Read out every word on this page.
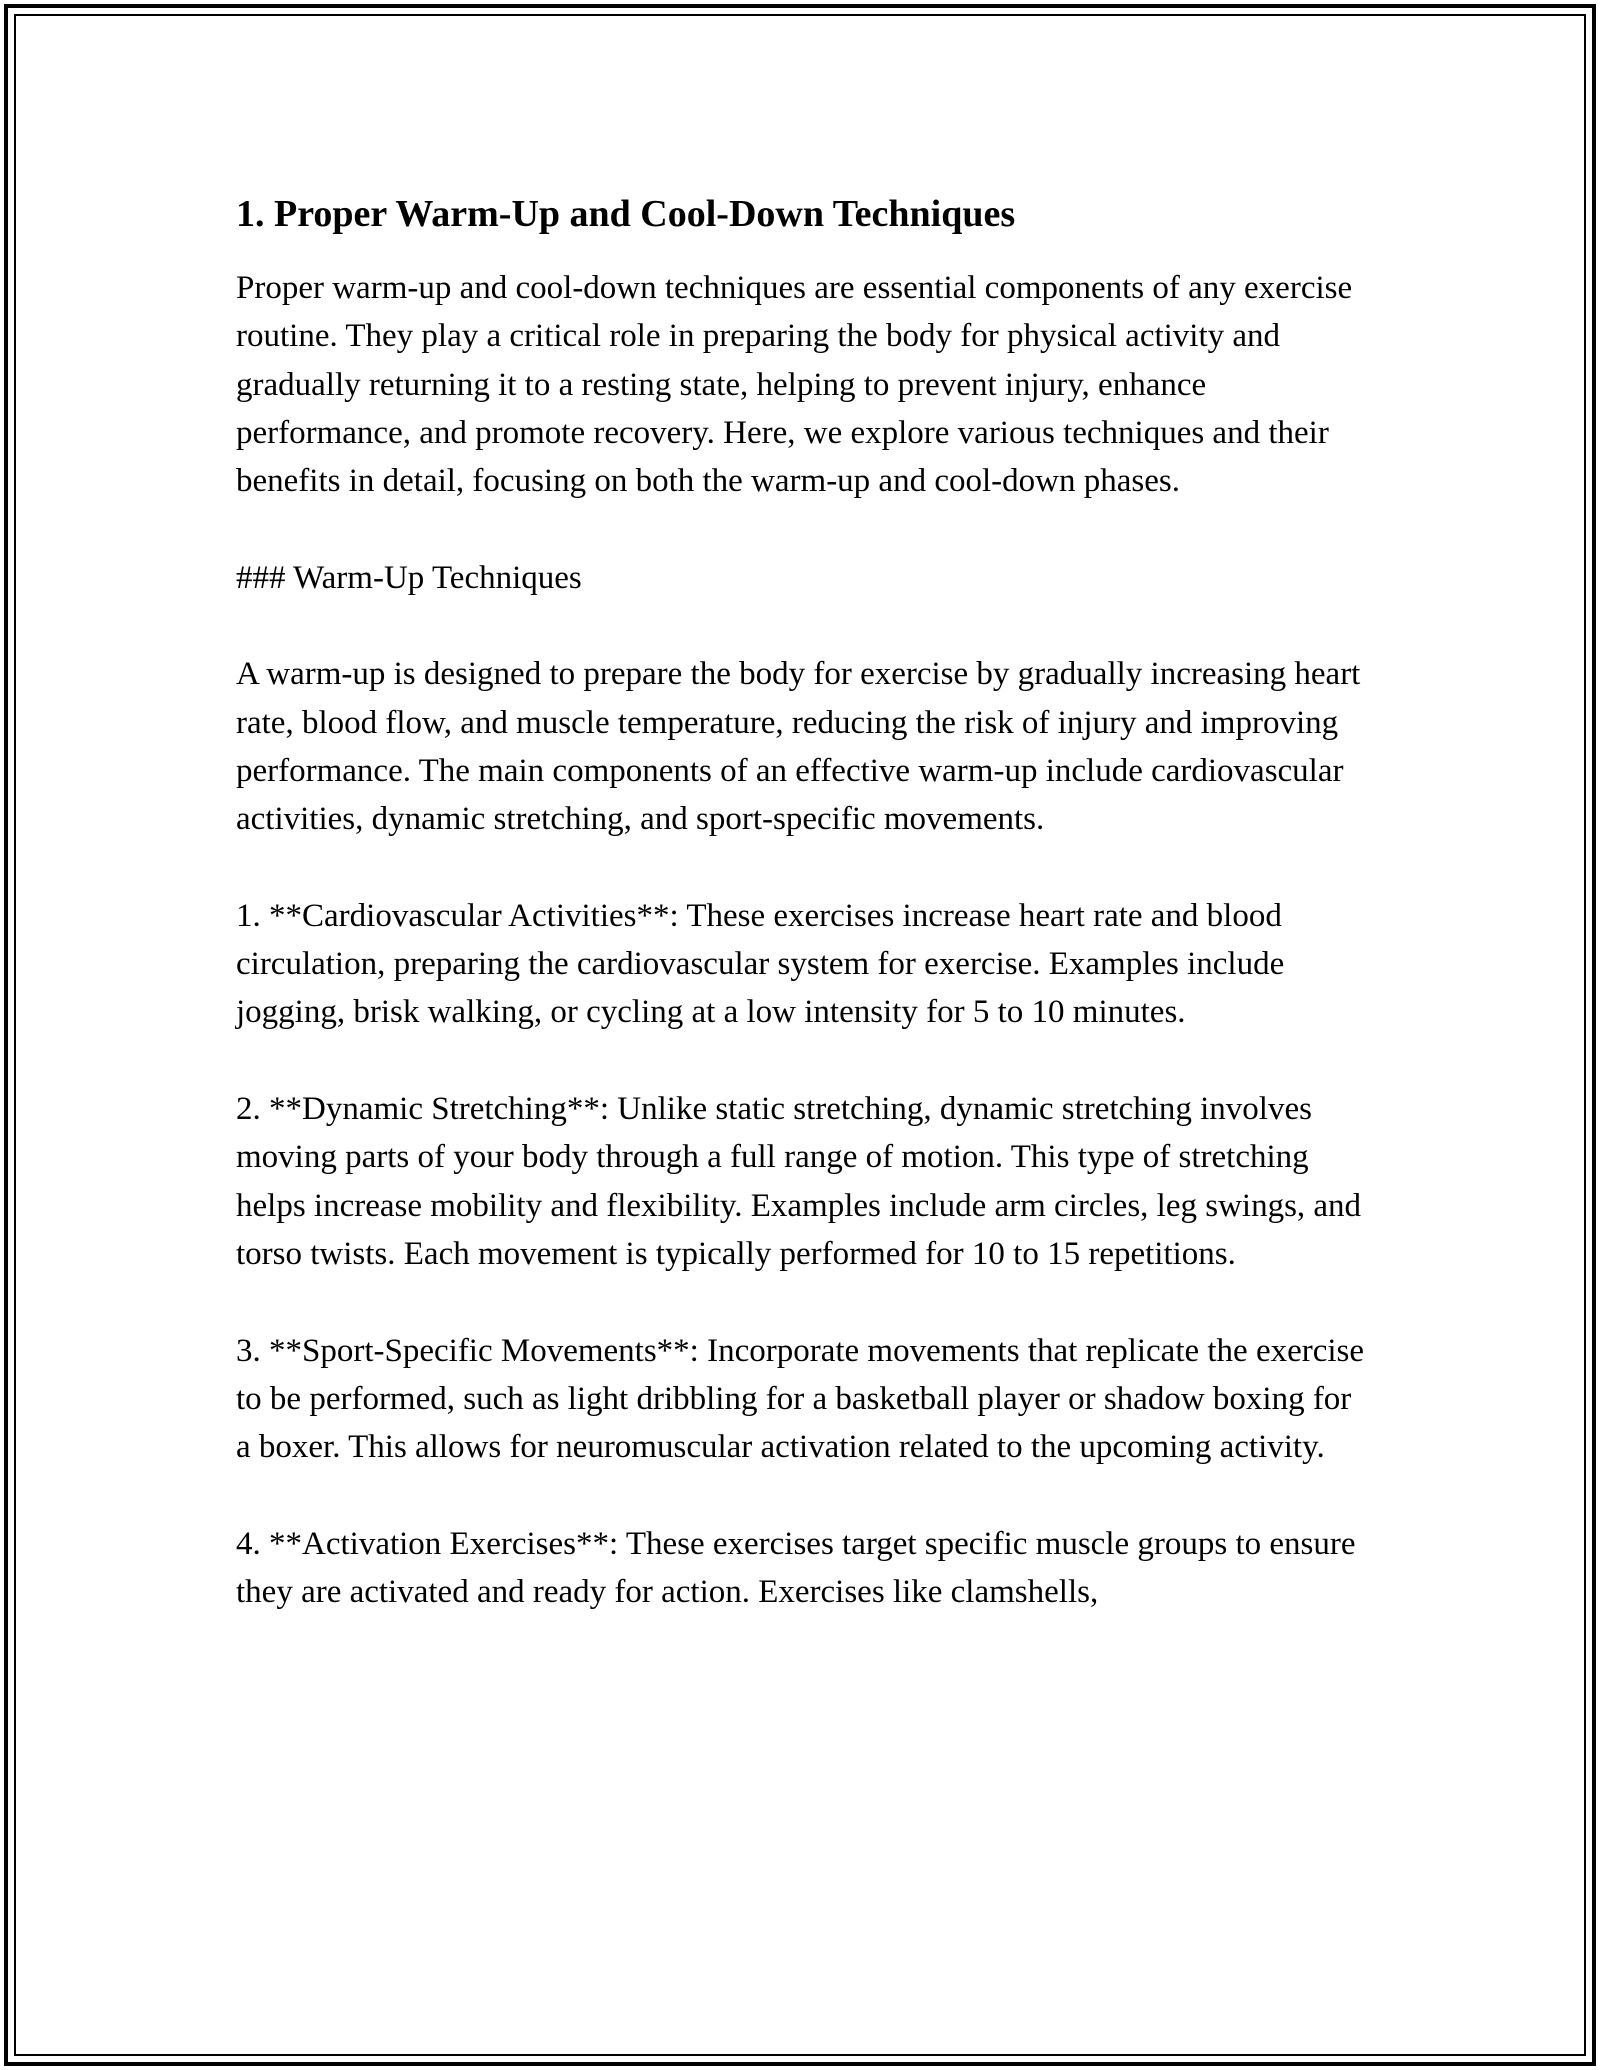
1. Proper Warm-Up and Cool-Down Techniques

Proper warm-up and cool-down techniques are essential components of any exercise routine. They play a critical role in preparing the body for physical activity and gradually returning it to a resting state, helping to prevent injury, enhance performance, and promote recovery. Here, we explore various techniques and their benefits in detail, focusing on both the warm-up and cool-down phases.

### Warm-Up Techniques

A warm-up is designed to prepare the body for exercise by gradually increasing heart rate, blood flow, and muscle temperature, reducing the risk of injury and improving performance. The main components of an effective warm-up include cardiovascular activities, dynamic stretching, and sport-specific movements.

1. **Cardiovascular Activities**: These exercises increase heart rate and blood circulation, preparing the cardiovascular system for exercise. Examples include jogging, brisk walking, or cycling at a low intensity for 5 to 10 minutes.

2. **Dynamic Stretching**: Unlike static stretching, dynamic stretching involves moving parts of your body through a full range of motion. This type of stretching helps increase mobility and flexibility. Examples include arm circles, leg swings, and torso twists. Each movement is typically performed for 10 to 15 repetitions.

3. **Sport-Specific Movements**: Incorporate movements that replicate the exercise to be performed, such as light dribbling for a basketball player or shadow boxing for a boxer. This allows for neuromuscular activation related to the upcoming activity.

4. **Activation Exercises**: These exercises target specific muscle groups to ensure they are activated and ready for action. Exercises like clamshells,
